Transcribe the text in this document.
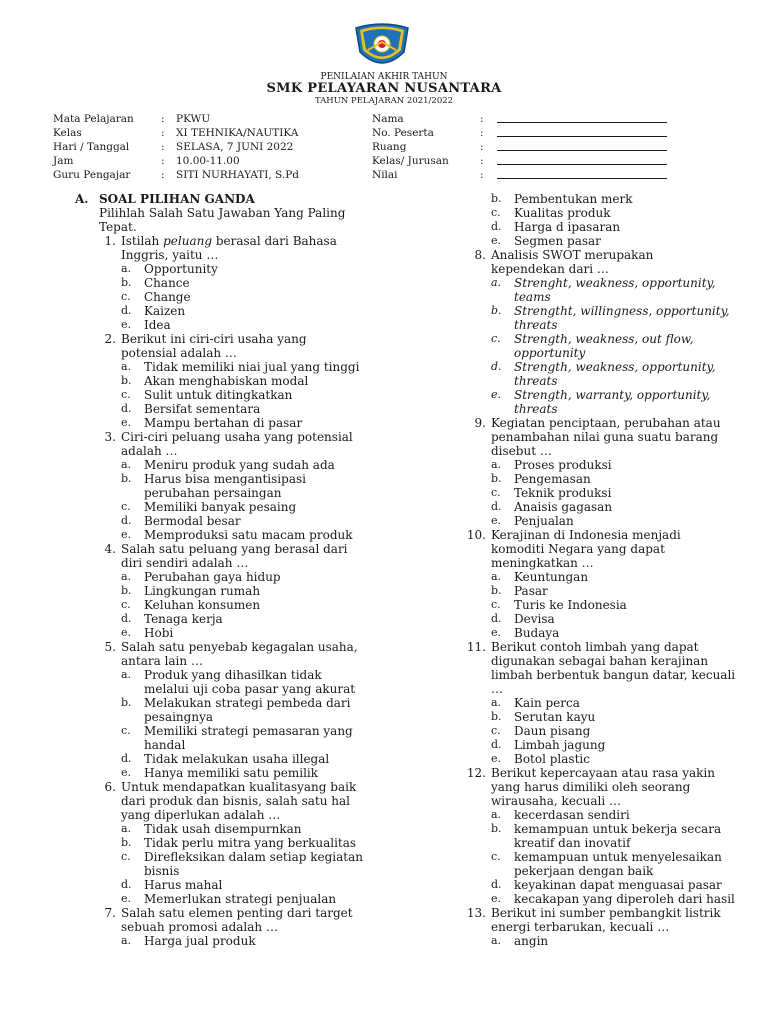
PENILAIAN AKHIR TAHUN
SMK PELAYARAN NUSANTARA
TAHUN PELAJARAN 2021/2022
Mata Pelajaran	: PKWU
Kelas	: XI TEHNIKA/NAUTIKA
Hari / Tanggal	: SELASA, 7 JUNI 2022
Jam	: 10.00-11.00
Guru Pengajar	: SITI NURHAYATI, S.Pd
Nama	:
No. Peserta	:
Ruang	:
Kelas/ Jurusan	:
Nilai	:
A. SOAL PILIHAN GANDA
Pilihlah Salah Satu Jawaban Yang Paling
Tepat.
1. Istilah peluang berasal dari Bahasa
Inggris, yaitu …
a. Opportunity
b. Chance
c. Change
d. Kaizen
e. Idea
2. Berikut ini ciri-ciri usaha yang
potensial adalah …
a. Tidak memiliki niai jual yang tinggi
b. Akan menghabiskan modal
c. Sulit untuk ditingkatkan
d. Bersifat sementara
e. Mampu bertahan di pasar
3. Ciri-ciri peluang usaha yang potensial
adalah …
a. Meniru produk yang sudah ada
b. Harus bisa mengantisipasi
perubahan persaingan
c. Memiliki banyak pesaing
d. Bermodal besar
e. Memproduksi satu macam produk
4. Salah satu peluang yang berasal dari
diri sendiri adalah …
a. Perubahan gaya hidup
b. Lingkungan rumah
c. Keluhan konsumen
d. Tenaga kerja
e. Hobi
5. Salah satu penyebab kegagalan usaha,
antara lain …
a. Produk yang dihasilkan tidak
melalui uji coba pasar yang akurat
b. Melakukan strategi pembeda dari
pesaingnya
c. Memiliki strategi pemasaran yang
handal
d. Tidak melakukan usaha illegal
e. Hanya memiliki satu pemilik
6. Untuk mendapatkan kualitasyang baik
dari produk dan bisnis, salah satu hal
yang diperlukan adalah …
a. Tidak usah disempurnkan
b. Tidak perlu mitra yang berkualitas
c. Direfleksikan dalam setiap kegiatan
bisnis
d. Harus mahal
e. Memerlukan strategi penjualan
7. Salah satu elemen penting dari target
sebuah promosi adalah …
a. Harga jual produk
b. Pembentukan merk
c. Kualitas produk
d. Harga d ipasaran
e. Segmen pasar
8. Analisis SWOT merupakan
kependekan dari …
a. Strenght, weakness, opportunity,
teams
b. Strengtht, willingness, opportunity,
threats
c. Strength, weakness, out flow,
opportunity
d. Strength, weakness, opportunity,
threats
e. Strength, warranty, opportunity,
threats
9. Kegiatan penciptaan, perubahan atau
penambahan nilai guna suatu barang
disebut …
a. Proses produksi
b. Pengemasan
c. Teknik produksi
d. Anaisis gagasan
e. Penjualan
10. Kerajinan di Indonesia menjadi
komoditi Negara yang dapat
meningkatkan …
a. Keuntungan
b. Pasar
c. Turis ke Indonesia
d. Devisa
e. Budaya
11. Berikut contoh limbah yang dapat
digunakan sebagai bahan kerajinan
limbah berbentuk bangun datar, kecuali
…
a. Kain perca
b. Serutan kayu
c. Daun pisang
d. Limbah jagung
e. Botol plastic
12. Berikut kepercayaan atau rasa yakin
yang harus dimiliki oleh seorang
wirausaha, kecuali …
a. kecerdasan sendiri
b. kemampuan untuk bekerja secara
kreatif dan inovatif
c. kemampuan untuk menyelesaikan
pekerjaan dengan baik
d. keyakinan dapat menguasai pasar
e. kecakapan yang diperoleh dari hasil
13. Berikut ini sumber pembangkit listrik
energi terbarukan, kecuali …
a. angin
